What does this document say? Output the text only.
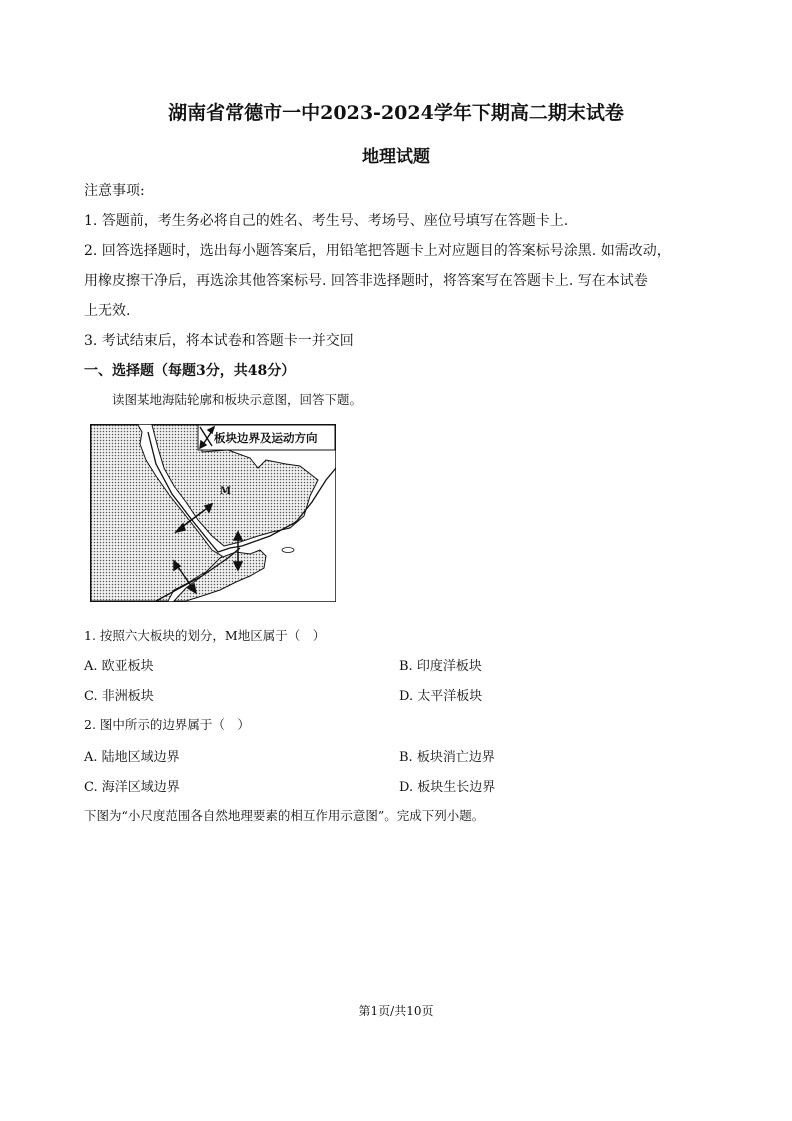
湖南省常德市一中2023-2024学年下期高二期末试卷
地理试题
注意事项:
1. 答题前，考生务必将自己的姓名、考生号、考场号、座位号填写在答题卡上.
2. 回答选择题时，选出每小题答案后，用铅笔把答题卡上对应题目的答案标号涂黑. 如需改动，
用橡皮擦干净后，再选涂其他答案标号. 回答非选择题时，将答案写在答题卡上. 写在本试卷
上无效.
3. 考试结束后，将本试卷和答题卡一并交回
一、选择题（每题3分，共48分）
读图某地海陆轮廓和板块示意图，回答下题。
板块边界及运动方向
M
1. 按照六大板块的划分，M地区属于（　）
A. 欧亚板块	B. 印度洋板块
C. 非洲板块	D. 太平洋板块
2. 图中所示的边界属于（　）
A. 陆地区域边界	B. 板块消亡边界
C. 海洋区域边界	D. 板块生长边界
下图为“小尺度范围各自然地理要素的相互作用示意图”。完成下列小题。
第1页/共10页
